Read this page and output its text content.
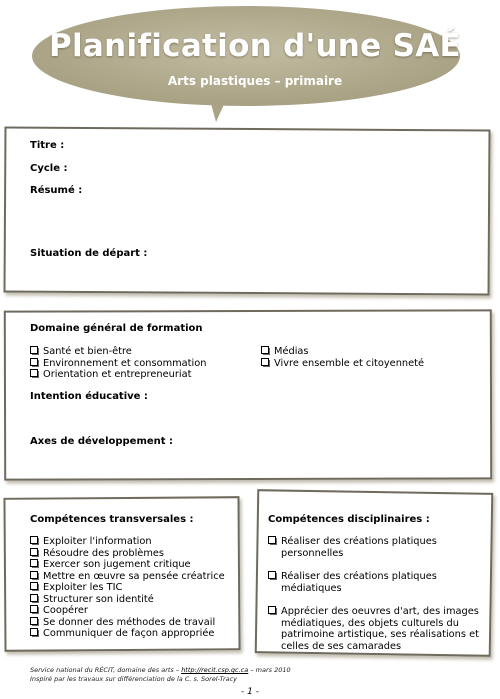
Planification d'une SAÉ
Arts plastiques – primaire
Titre :
Cycle :
Résumé :
Situation de départ :
Domaine général de formation
Santé et bien-être
Environnement et consommation
Orientation et entrepreneuriat
Médias
Vivre ensemble et citoyenneté
Intention éducative :
Axes de développement :
Compétences transversales :
Exploiter l'information
Résoudre des problèmes
Exercer son jugement critique
Mettre en œuvre sa pensée créatrice
Exploiter les TIC
Structurer son identité
Coopérer
Se donner des méthodes de travail
Communiquer de façon appropriée
Compétences disciplinaires :
Réaliser des créations platiques personnelles
Réaliser des créations platiques médiatiques
Apprécier des oeuvres d'art, des images médiatiques, des objets culturels du patrimoine artistique, ses réalisations et celles de ses camarades
Service national du RÉCIT, domaine des arts – http://recit.csp.qc.ca – mars 2010
Inspiré par les travaux sur différenciation de la C. s. Sorel-Tracy
- 1 -
